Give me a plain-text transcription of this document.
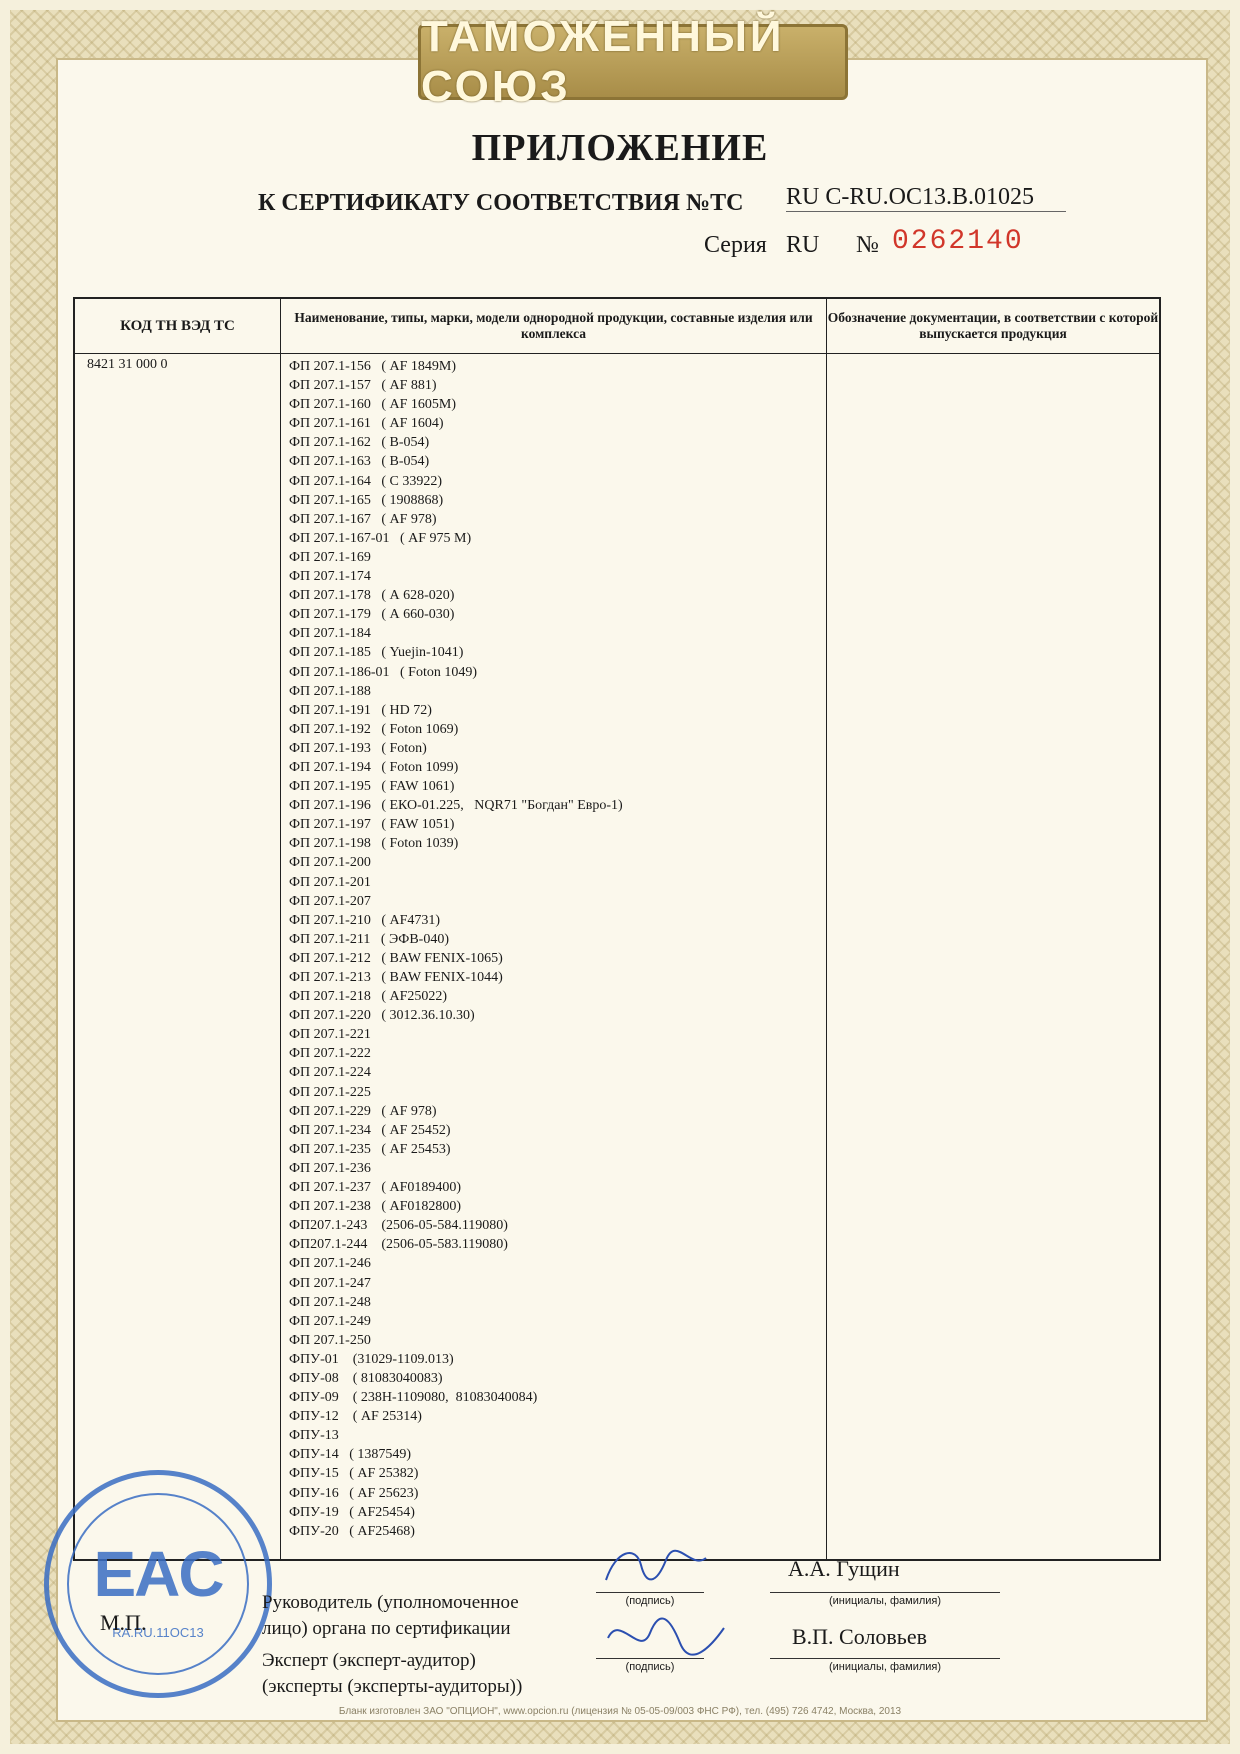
ТАМОЖЕННЫЙ СОЮЗ
ПРИЛОЖЕНИЕ
К СЕРТИФИКАТУ СООТВЕТСТВИЯ №ТС RU C-RU.OC13.B.01025
Серия RU № 0262140
КОД ТН ВЭД ТС
Наименование, типы, марки, модели однородной продукции, составные изделия или комплекса
Обозначение документации, в соответствии с которой выпускается продукция
8421 31 000 0	ФП 207.1-156   ( AF 1849M)
ФП 207.1-157   ( AF 881)
ФП 207.1-160   ( AF 1605M)
ФП 207.1-161   ( AF 1604)
ФП 207.1-162   ( В-054)
ФП 207.1-163   ( В-054)
ФП 207.1-164   ( С 33922)
ФП 207.1-165   ( 1908868)
ФП 207.1-167   ( AF 978)
ФП 207.1-167-01   ( AF 975 M)
ФП 207.1-169
ФП 207.1-174
ФП 207.1-178   ( А 628-020)
ФП 207.1-179   ( А 660-030)
ФП 207.1-184
ФП 207.1-185   ( Yuejin-1041)
ФП 207.1-186-01   ( Foton 1049)
ФП 207.1-188
ФП 207.1-191   ( HD 72)
ФП 207.1-192   ( Foton 1069)
ФП 207.1-193   ( Foton)
ФП 207.1-194   ( Foton 1099)
ФП 207.1-195   ( FAW 1061)
ФП 207.1-196   ( ЕКО-01.225,   NQR71 "Богдан" Евро-1)
ФП 207.1-197   ( FAW 1051)
ФП 207.1-198   ( Foton 1039)
ФП 207.1-200
ФП 207.1-201
ФП 207.1-207
ФП 207.1-210   ( AF4731)
ФП 207.1-211   ( ЭФВ-040)
ФП 207.1-212   ( BAW FENIX-1065)
ФП 207.1-213   ( BAW FENIX-1044)
ФП 207.1-218   ( AF25022)
ФП 207.1-220   ( 3012.36.10.30)
ФП 207.1-221
ФП 207.1-222
ФП 207.1-224
ФП 207.1-225
ФП 207.1-229   ( AF 978)
ФП 207.1-234   ( AF 25452)
ФП 207.1-235   ( AF 25453)
ФП 207.1-236
ФП 207.1-237   ( AF0189400)
ФП 207.1-238   ( AF0182800)
ФП207.1-243    (2506-05-584.119080)
ФП207.1-244    (2506-05-583.119080)
ФП 207.1-246
ФП 207.1-247
ФП 207.1-248
ФП 207.1-249
ФП 207.1-250
ФПУ-01    (31029-1109.013)
ФПУ-08    ( 81083040083)
ФПУ-09    ( 238Н-1109080,  81083040084)
ФПУ-12    ( AF 25314)
ФПУ-13
ФПУ-14   ( 1387549)
ФПУ-15   ( AF 25382)
ФПУ-16   ( AF 25623)
ФПУ-19   ( AF25454)
ФПУ-20   ( AF25468)
EAC
RA.RU.11OC13
М.П.
Руководитель (уполномоченное
лицо) органа по сертификации
Эксперт (эксперт-аудитор)
(эксперты (эксперты-аудиторы))
(подпись)
А.А. Гущин
(инициалы, фамилия)
(подпись)
В.П. Соловьев
(инициалы, фамилия)
Бланк изготовлен ЗАО "ОПЦИОН", www.opcion.ru (лицензия № 05-05-09/003 ФНС РФ), тел. (495) 726 4742, Москва, 2013
